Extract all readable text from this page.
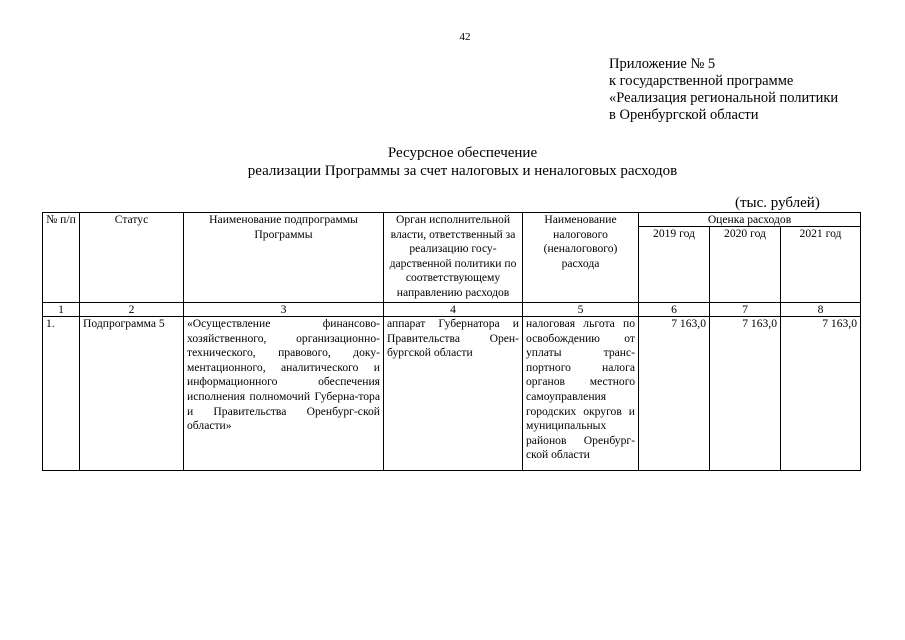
42
Приложение № 5
к государственной программе
«Реализация региональной политики
в Оренбургской области
Ресурсное обеспечение
реализации Программы за счет налоговых и неналоговых расходов
(тыс. рублей)
№ п/п	Статус	Наименование подпрограммы Программы	Орган исполнительной власти, ответственный за реализацию госу-дарственной политики по соответствующему направлению расходов	Наименование налогового (неналогового) расхода	Оценка расходов		
					2019 год	2020 год	2021 год
1	2	3	4	5	6	7	8
1.	Подпрограмма 5	«Осуществление финансово-хозяйственного, организационно-технического, правового, доку-ментационного, аналитического и информационного обеспечения исполнения полномочий Губерна-тора и Правительства Оренбург-ской области»	аппарат Губернатора и Правительства Орен-бургской области	налоговая льгота по освобождению от уплаты транс-портного налога органов местного самоуправления городских округов и муниципальных районов Оренбург-ской области	7 163,0	7 163,0	7 163,0
